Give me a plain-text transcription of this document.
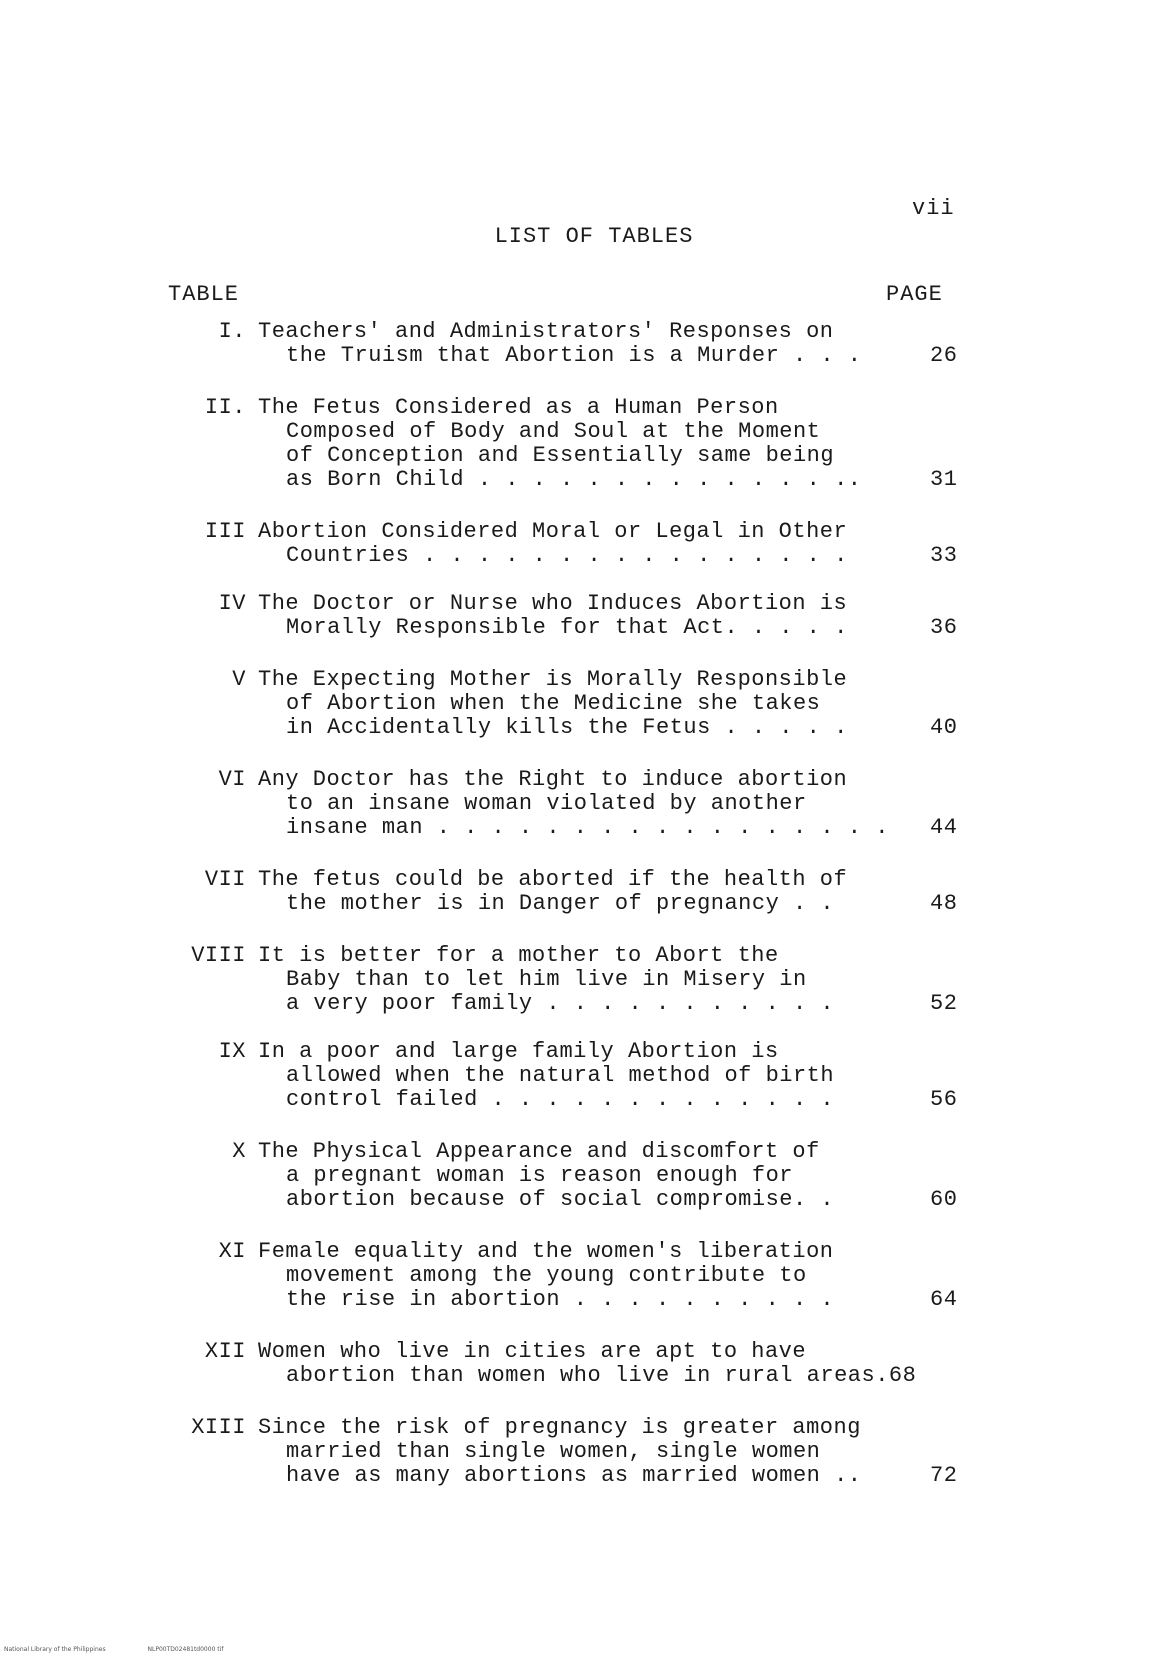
vii
LIST OF TABLES
TABLE	PAGE
I. Teachers' and Administrators' Responses on
the Truism that Abortion is a Murder . . .	26
II. The Fetus Considered as a Human Person
Composed of Body and Soul at the Moment
of Conception and Essentially same being
as Born Child . . . . . . . . . . . . . ..	31
III Abortion Considered Moral or Legal in Other
Countries . . . . . . . . . . . . . . . .	33
IV The Doctor or Nurse who Induces Abortion is
Morally Responsible for that Act. . . . .	36
V The Expecting Mother is Morally Responsible
of Abortion when the Medicine she takes
in Accidentally kills the Fetus . . . . .	40
VI Any Doctor has the Right to induce abortion
to an insane woman violated by another
insane man . . . . . . . . . . . . . . . . .	44
VII The fetus could be aborted if the health of
the mother is in Danger of pregnancy . .	48
VIII It is better for a mother to Abort the
Baby than to let him live in Misery in
a very poor family . . . . . . . . . . .	52
IX In a poor and large family Abortion is
allowed when the natural method of birth
control failed . . . . . . . . . . . . .	56
X The Physical Appearance and discomfort of
a pregnant woman is reason enough for
abortion because of social compromise. .	60
XI Female equality and the women's liberation
movement among the young contribute to
the rise in abortion . . . . . . . . . .	64
XII Women who live in cities are apt to have
abortion than women who live in rural areas.68
XIII Since the risk of pregnancy is greater among
married than single women, single women
have as many abortions as married women ..	72
National Library of the Philippines	NLP00TD02481td0000 tif
